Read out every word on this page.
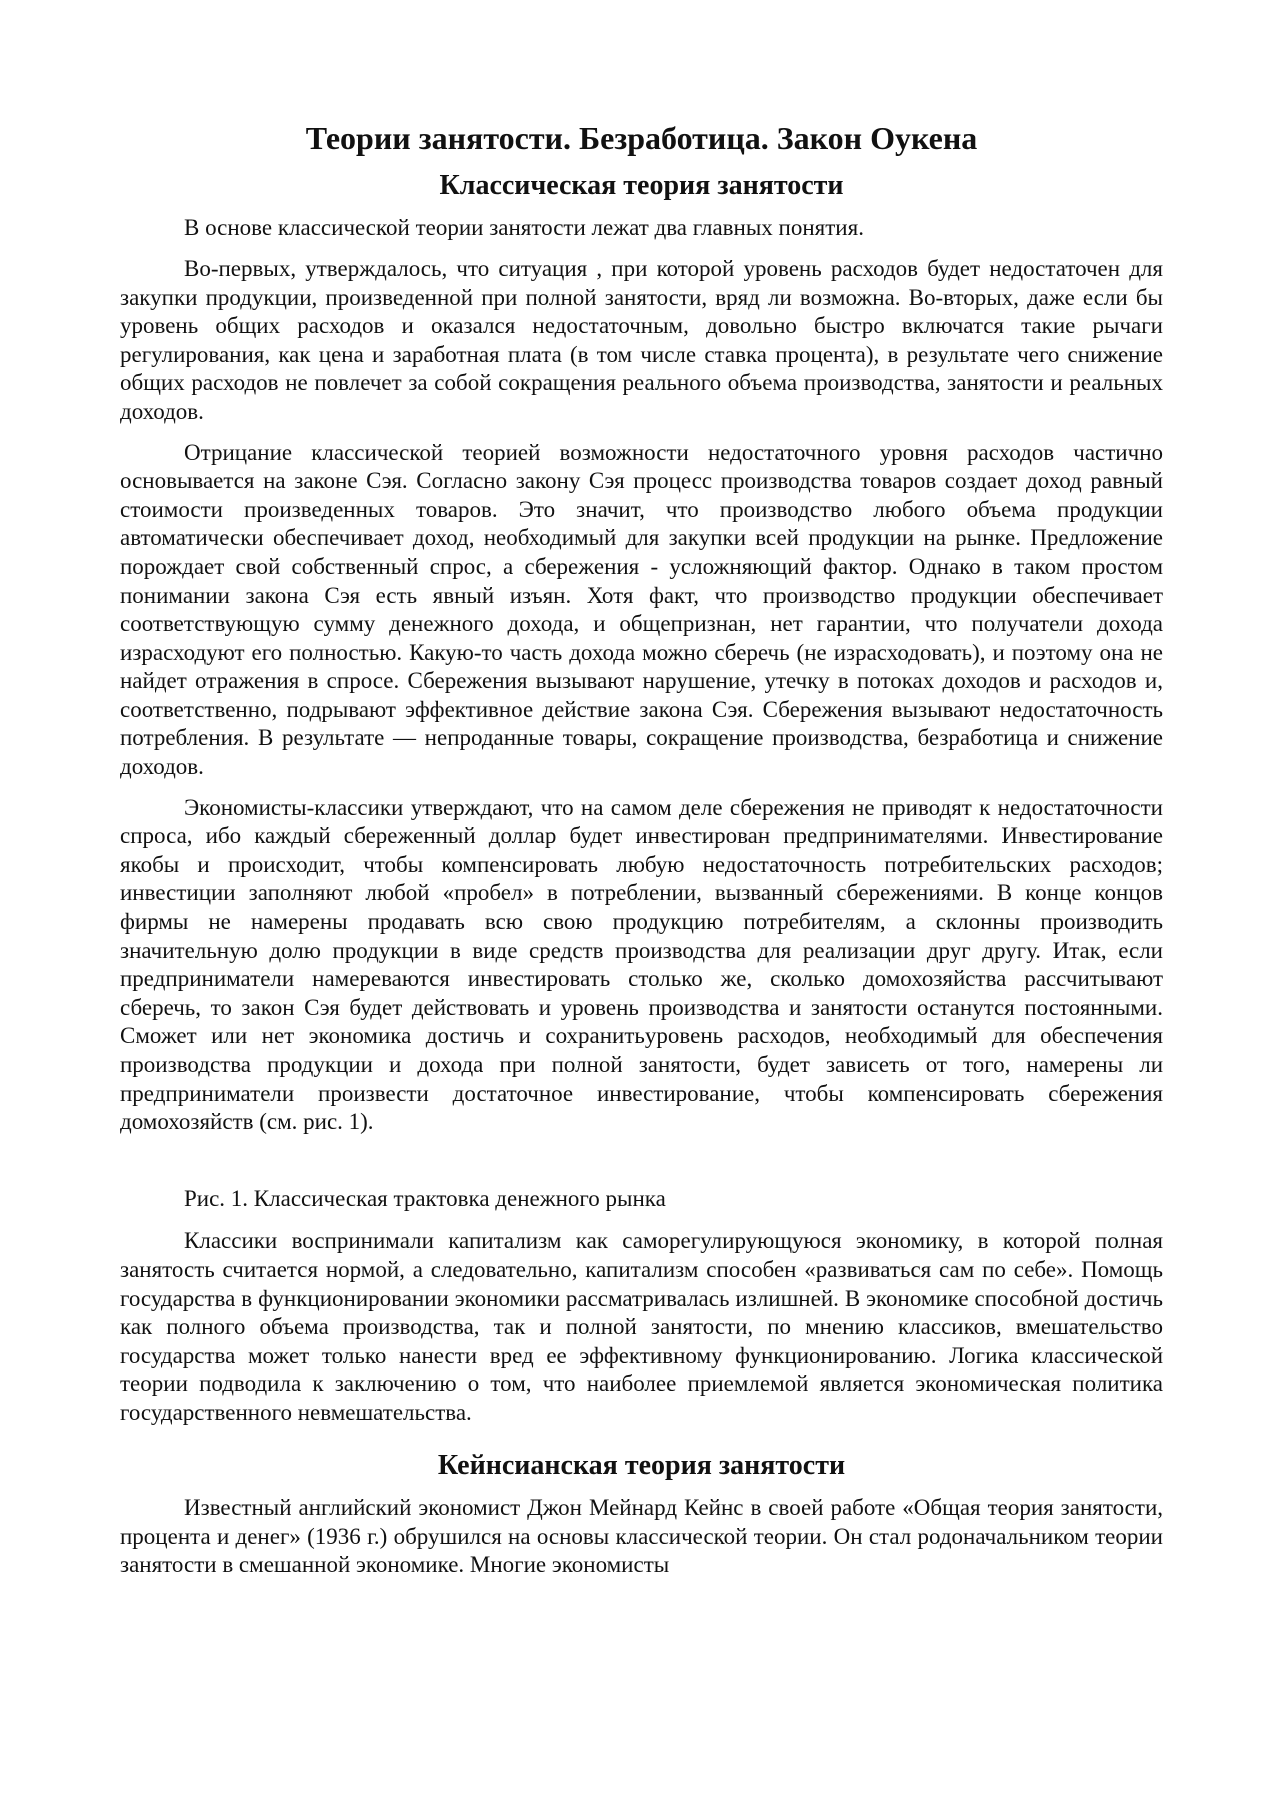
Теории занятости. Безработица. Закон Оукена
Классическая теория занятости

В основе классической теории занятости лежат два главных понятия.

Во-первых, утверждалось, что ситуация , при которой уровень расходов будет недостаточен для закупки продукции, произведенной при полной занятости, вряд ли возможна. Во-вторых, даже если бы уровень общих расходов и оказался недостаточным, довольно быстро включатся такие рычаги регулирования, как цена и заработная плата (в том числе ставка процента), в результате чего снижение общих расходов не повлечет за собой сокращения реального объема производства, занятости и реальных доходов.

Отрицание классической теорией возможности недостаточного уровня расходов частично основывается на законе Сэя. Согласно закону Сэя процесс производства товаров создает доход равный стоимости произведенных товаров. Это значит, что производство любого объема продукции автоматически обеспечивает доход, необходимый для закупки всей продукции на рынке. Предложение порождает свой собственный спрос, а сбережения - усложняющий фактор. Однако в таком простом понимании закона Сэя есть явный изъян. Хотя факт, что производство продукции обеспечивает соответствующую сумму денежного дохода, и общепризнан, нет гарантии, что получатели дохода израсходуют его полностью. Какую-то часть дохода можно сберечь (не израсходовать), и поэтому она не найдет отражения в спросе. Сбережения вызывают нарушение, утечку в потоках доходов и расходов и, соответственно, подрывают эффективное действие закона Сэя. Сбережения вызывают недостаточность потребления. В результате — непроданные товары, сокращение производства, безработица и снижение доходов.

Экономисты-классики утверждают, что на самом деле сбережения не приводят к недостаточности спроса, ибо каждый сбереженный доллар будет инвестирован предпринимателями. Инвестирование якобы и происходит, чтобы компенсировать любую недостаточность потребительских расходов; инвестиции заполняют любой «пробел» в потреблении, вызванный сбережениями. В конце концов фирмы не намерены продавать всю свою продукцию потребителям, а склонны производить значительную долю продукции в виде средств производства для реализации друг другу. Итак, если предприниматели намереваются инвестировать столько же, сколько домохозяйства рассчитывают сберечь, то закон Сэя будет действовать и уровень производства и занятости останутся постоянными. Сможет или нет экономика достичь и сохранитьуровень расходов, необходимый для обеспечения производства продукции и дохода при полной занятости, будет зависеть от того, намерены ли предприниматели произвести достаточное инвестирование, чтобы компенсировать сбережения домохозяйств (см. рис. 1).

Рис. 1. Классическая трактовка денежного рынка

Классики воспринимали капитализм как саморегулирующуюся экономику, в которой полная занятость считается нормой, а следовательно, капитализм способен «развиваться сам по себе». Помощь государства в функционировании экономики рассматривалась излишней. В экономике способной достичь как полного объема производства, так и полной занятости, по мнению классиков, вмешательство государства может только нанести вред ее эффективному функционированию. Логика классической теории подводила к заключению о том, что наиболее приемлемой является экономическая политика государственного невмешательства.

Кейнсианская теория занятости

Известный английский экономист Джон Мейнард Кейнс в своей работе «Общая теория занятости, процента и денег» (1936 г.) обрушился на основы классической теории. Он стал родоначальником теории занятости в смешанной экономике. Многие экономисты
